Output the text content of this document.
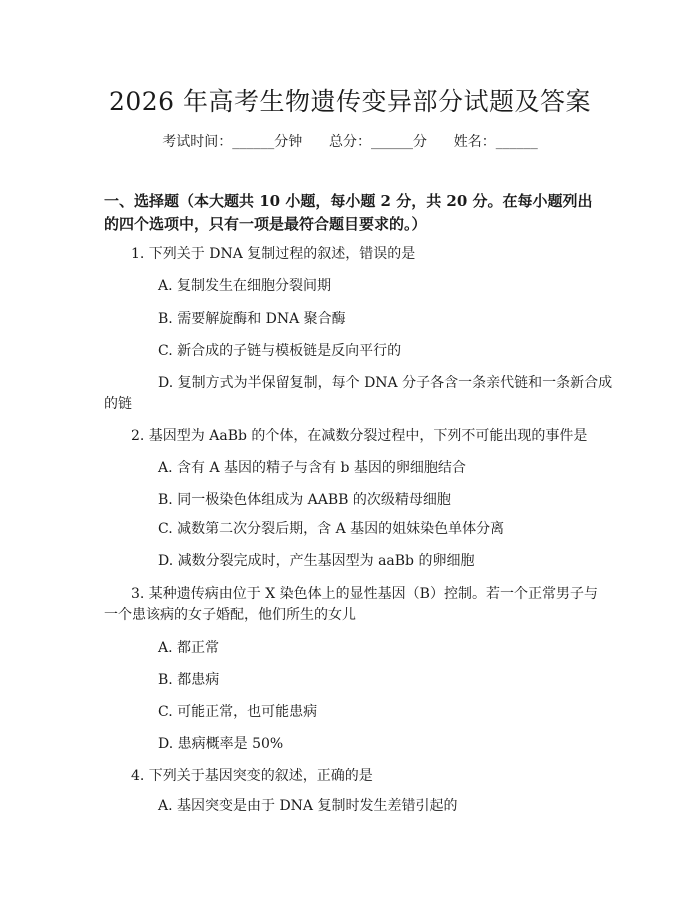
2026 年高考生物遗传变异部分试题及答案
考试时间：______分钟      总分：______分      姓名：______
一、选择题（本大题共 10 小题，每小题 2 分，共 20 分。在每小题列出的四个选项中，只有一项是最符合题目要求的。）
1. 下列关于 DNA 复制过程的叙述，错误的是
A. 复制发生在细胞分裂间期
B. 需要解旋酶和 DNA 聚合酶
C. 新合成的子链与模板链是反向平行的
D. 复制方式为半保留复制，每个 DNA 分子各含一条亲代链和一条新合成
的链
2. 基因型为 AaBb 的个体，在减数分裂过程中，下列不可能出现的事件是
A. 含有 A 基因的精子与含有 b 基因的卵细胞结合
B. 同一极染色体组成为 AABB 的次级精母细胞
C. 减数第二次分裂后期，含 A 基因的姐妹染色单体分离
D. 减数分裂完成时，产生基因型为 aaBb 的卵细胞
3. 某种遗传病由位于 X 染色体上的显性基因（B）控制。若一个正常男子与一个患该病的女子婚配，他们所生的女儿
A. 都正常
B. 都患病
C. 可能正常，也可能患病
D. 患病概率是 50%
4. 下列关于基因突变的叙述，正确的是
A. 基因突变是由于 DNA 复制时发生差错引起的
